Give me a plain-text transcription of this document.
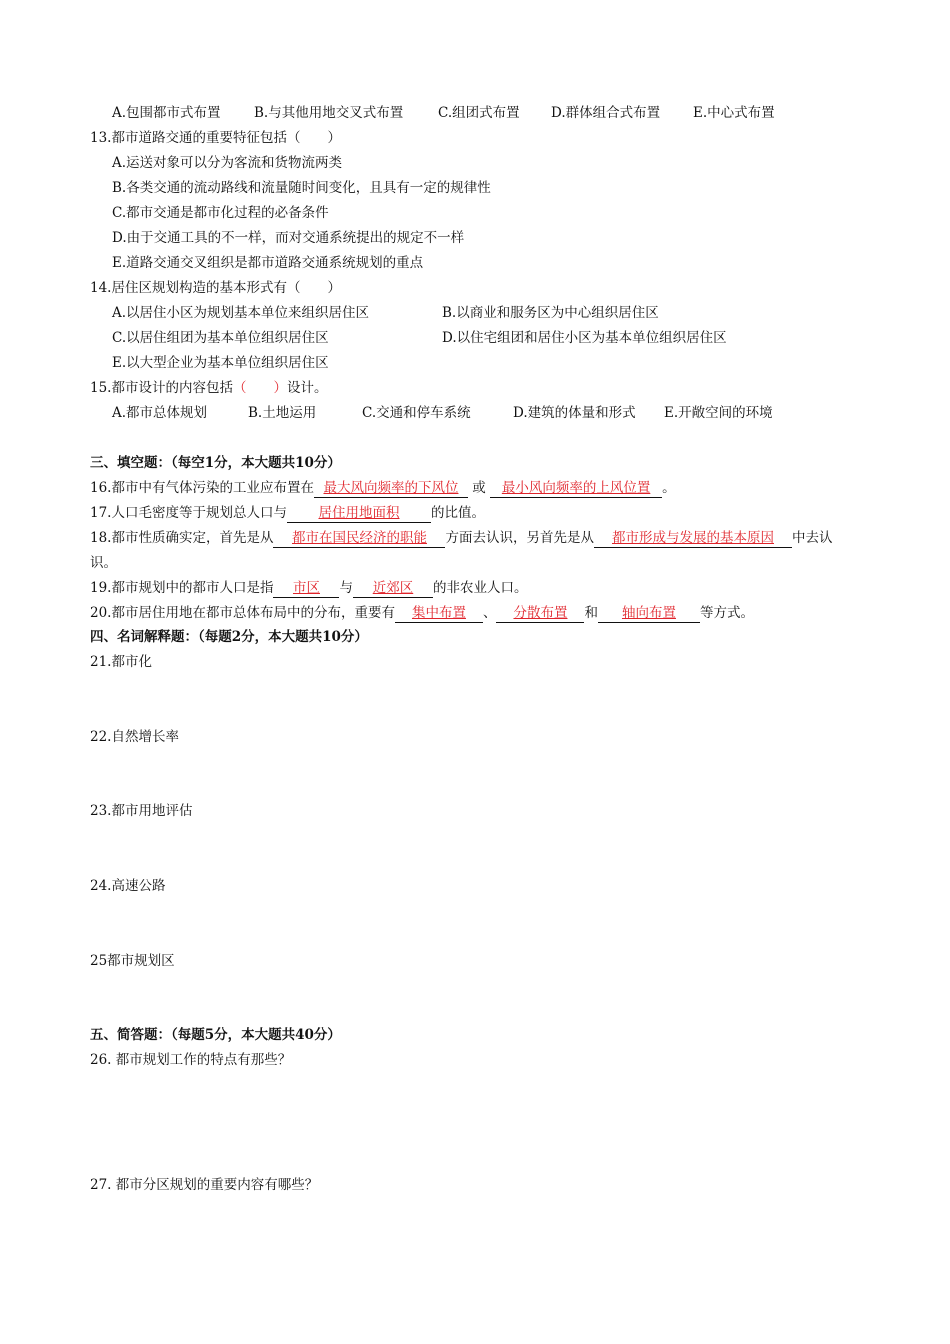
A.包围都市式布置 B.与其他用地交叉式布置	C.组团式布置 D.群体组合式布置 E.中心式布置
13.都市道路交通的重要特征包括（　　）
A.运送对象可以分为客流和货物流两类
B.各类交通的流动路线和流量随时间变化，且具有一定的规律性
C.都市交通是都市化过程的必备条件
D.由于交通工具的不一样，而对交通系统提出的规定不一样
E.道路交通交叉组织是都市道路交通系统规划的重点
14.居住区规划构造的基本形式有（　　）
A.以居住小区为规划基本单位来组织居住区	B.以商业和服务区为中心组织居住区
C.以居住组团为基本单位组织居住区	D.以住宅组团和居住小区为基本单位组织居住区
E.以大型企业为基本单位组织居住区
15.都市设计的内容包括（　　）设计。
A.都市总体规划	B.土地运用	C.交通和停车系统	D.建筑的体量和形式 E.开敞空间的环境
三、填空题：（每空1分，本大题共10分）
16.都市中有气体污染的工业应布置在 最大风向频率的下风位 或 最小风向频率的上风位置 。
17.人口毛密度等于规划总人口与 居住用地面积 的比值。
18.都市性质确实定，首先是从 都市在国民经济的职能 方面去认识，另首先是从 都市形成与发展的基本原因 中去认
识。
19.都市规划中的都市人口是指 市区 与 近郊区 的非农业人口。
20.都市居住用地在都市总体布局中的分布，重要有 集中布置 、 分散布置 和 轴向布置 等方式。
四、名词解释题：（每题2分，本大题共10分）
21.都市化
22.自然增长率
23.都市用地评估
24.高速公路
25都市规划区
五、简答题：（每题5分，本大题共40分）
26. 都市规划工作的特点有那些？
27. 都市分区规划的重要内容有哪些？
